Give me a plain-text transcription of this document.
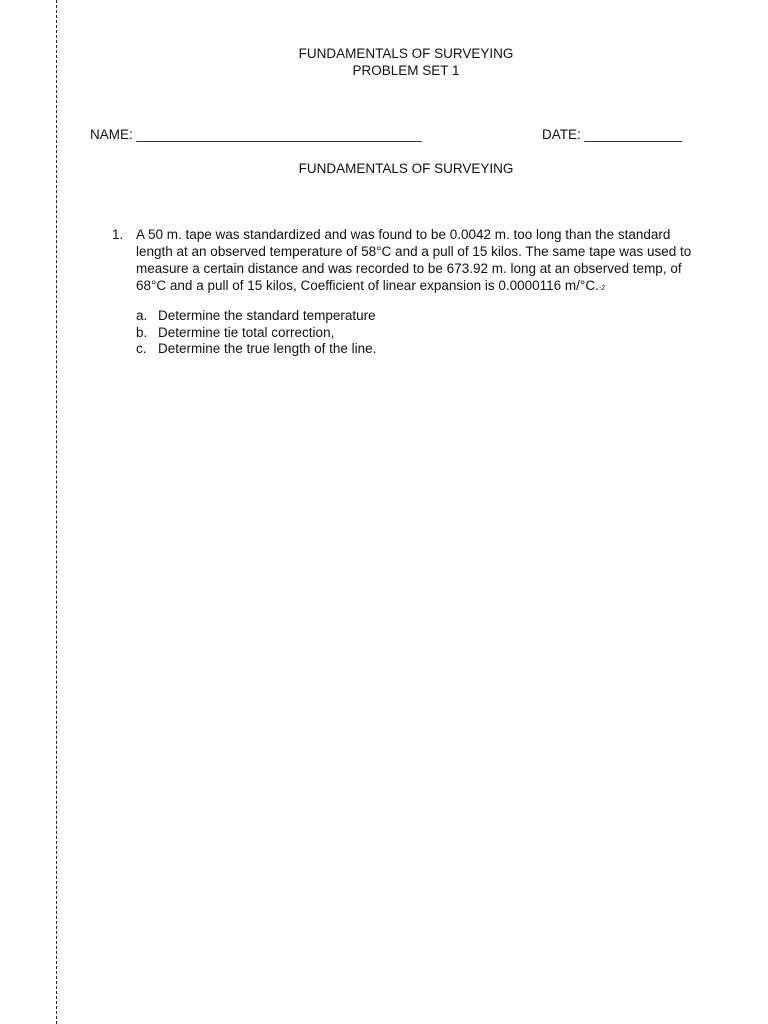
FUNDAMENTALS OF SURVEYING
PROBLEM SET 1
NAME: ______________________________________	DATE: _____________
FUNDAMENTALS OF SURVEYING
1. A 50 m. tape was standardized and was found to be 0.0042 m. too long than the standard
length at an observed temperature of 58°C and a pull of 15 kilos. The same tape was used to
measure a certain distance and was recorded to be 673.92 m. long at an observed temp, of
68°C and a pull of 15 kilos, Coefficient of linear expansion is 0.0000116 m/°C.-2
a. Determine the standard temperature
b. Determine tie total correction,
c. Determine the true length of the line.
